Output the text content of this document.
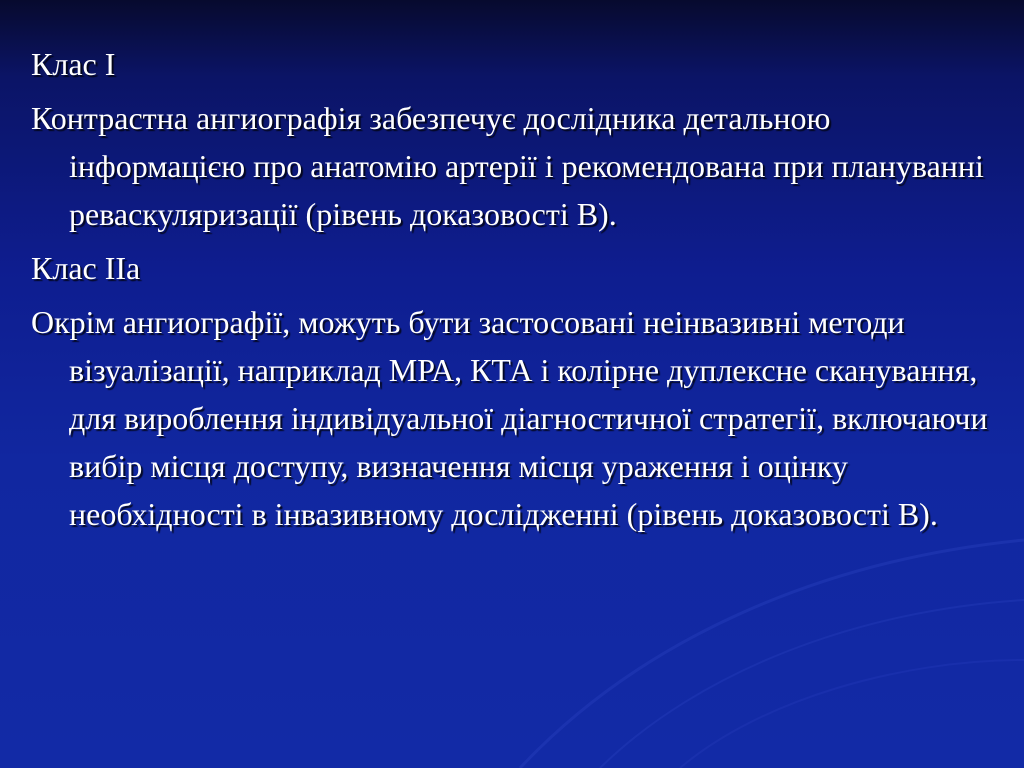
Клас І

Контрастна ангиографія забезпечує дослідника детальною інформацією про анатомію артерії і рекомендована при плануванні реваскуляризації (рівень доказовості В).

Клас ІІа

Окрім ангиографії, можуть бути застосовані неінвазивні методи візуалізації, наприклад МРА, КТА і колірне дуплексне сканування, для вироблення індивідуальної діагностичної стратегії, включаючи вибір місця доступу, визначення місця ураження і оцінку необхідності в інвазивному дослідженні (рівень доказовості В).
